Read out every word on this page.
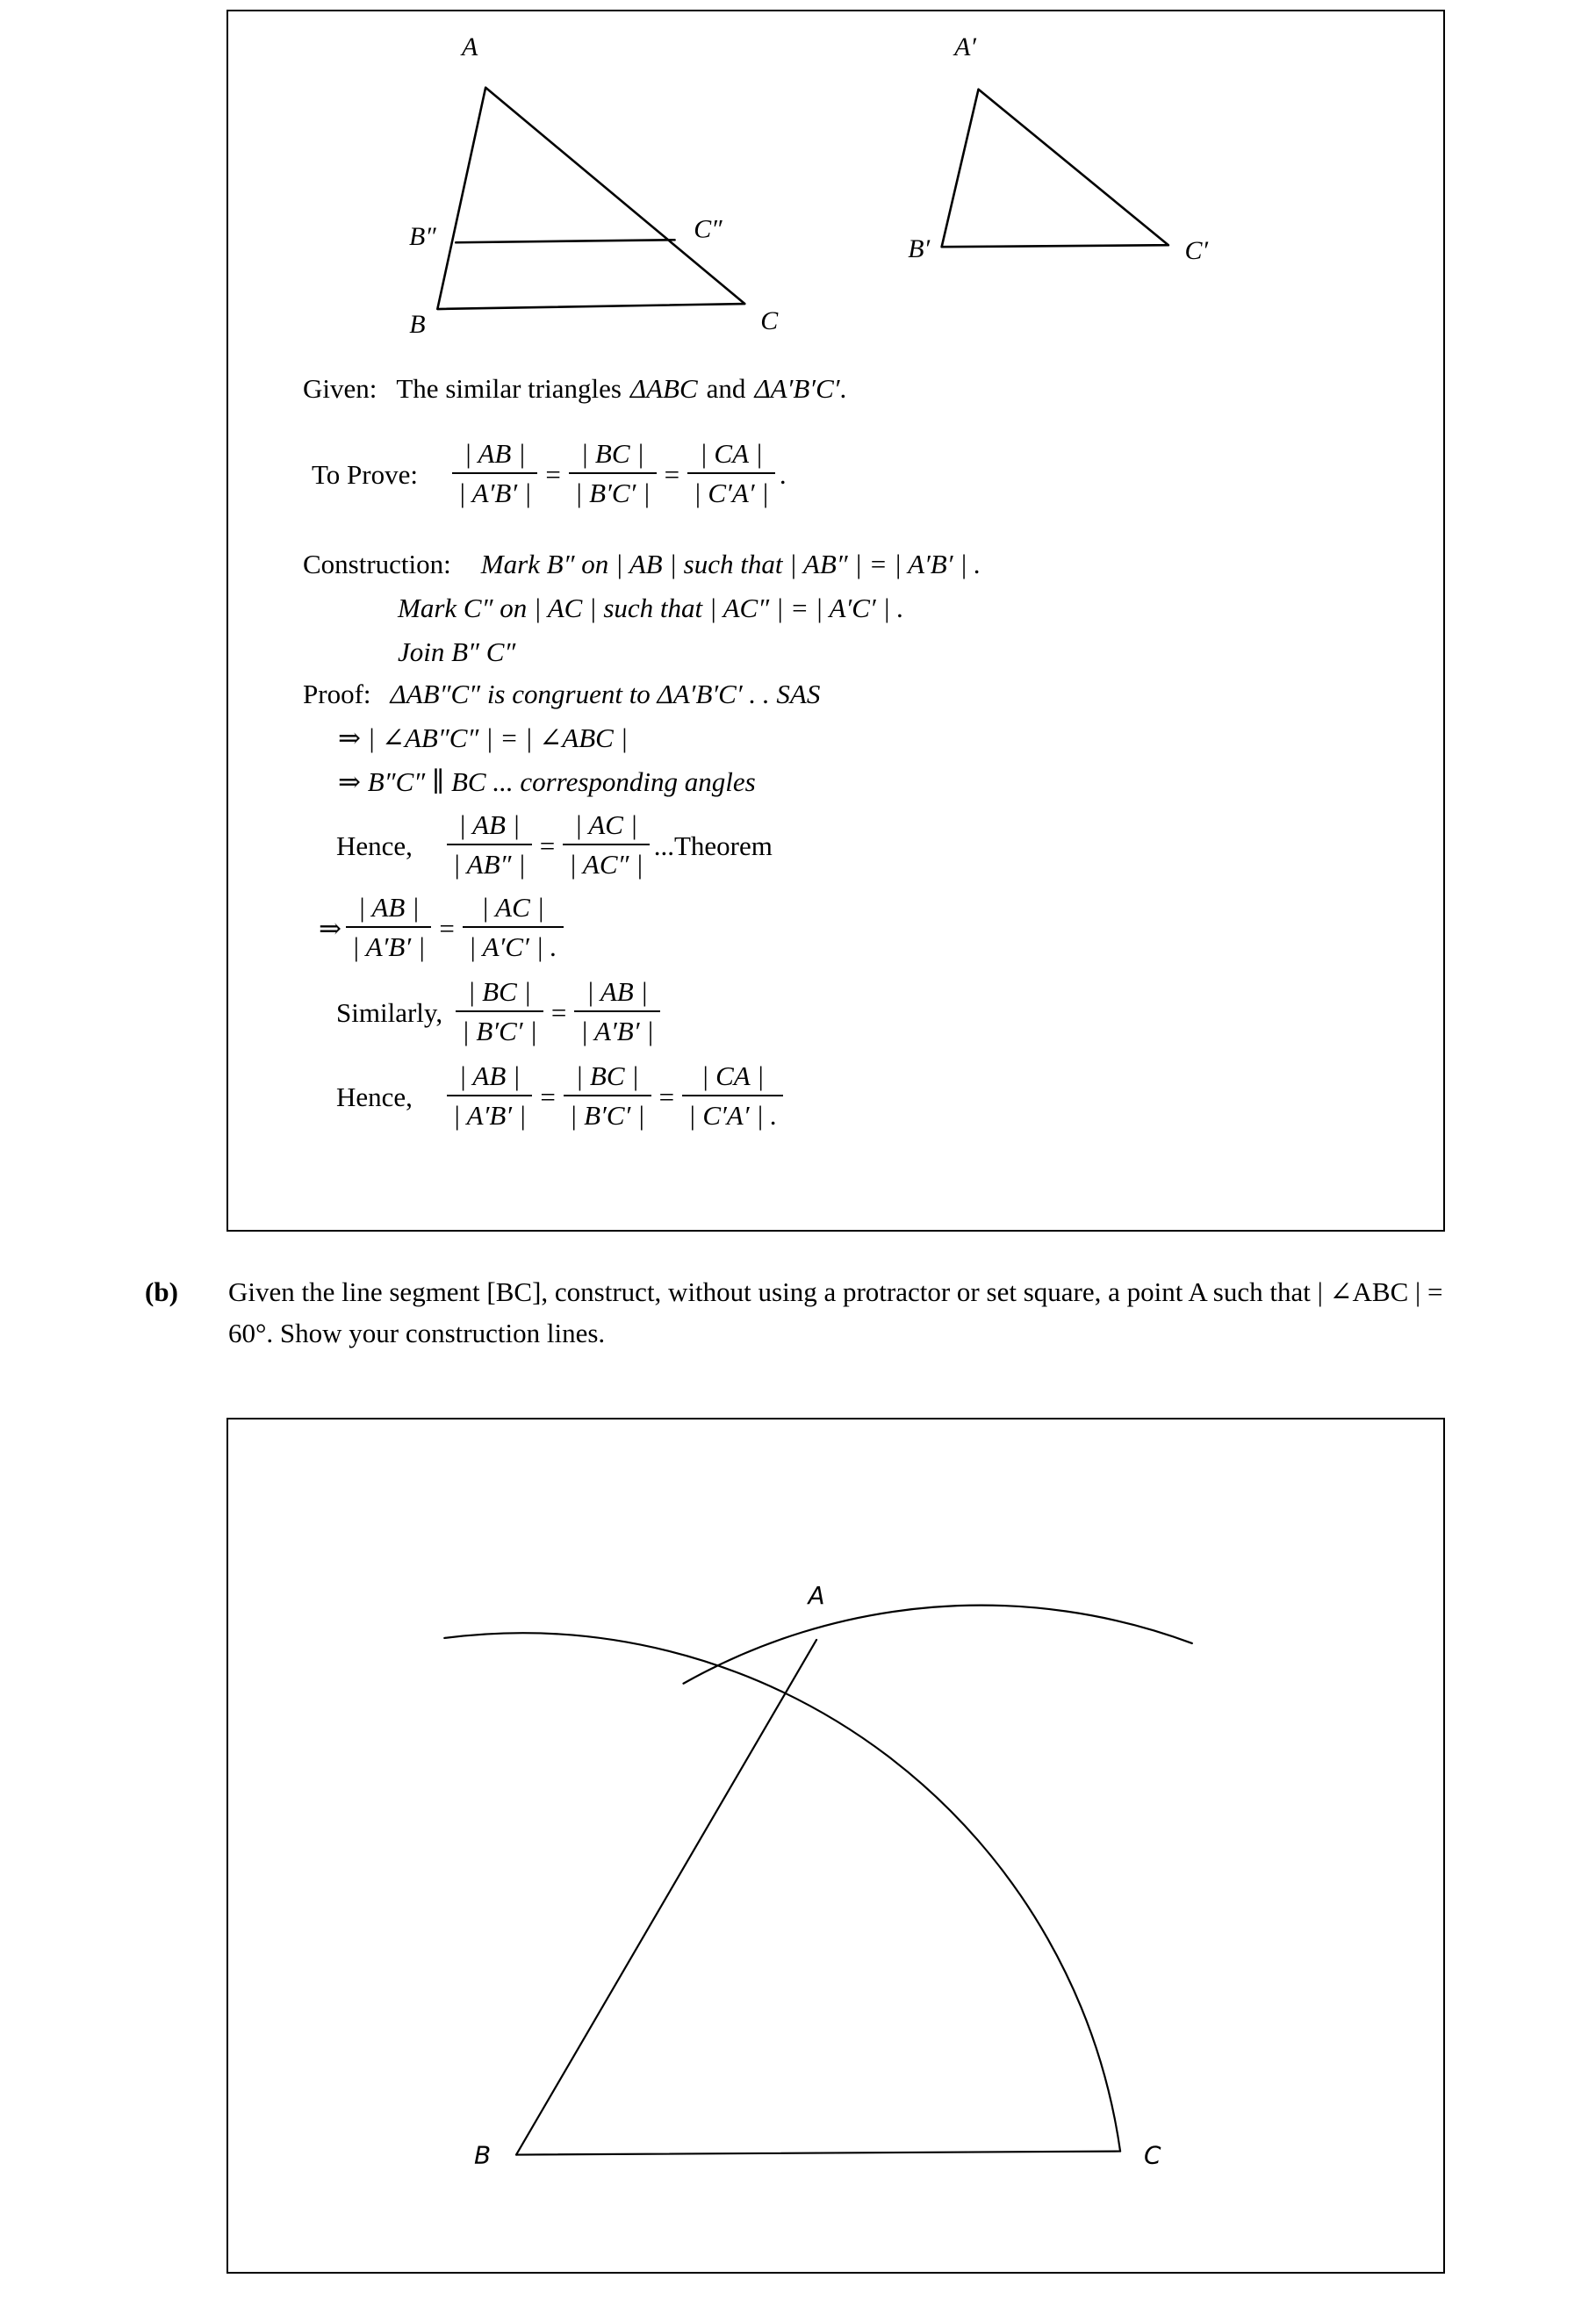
A
B	C
B″	C″
A′
B′	C′
Given: The similar triangles ΔABC and ΔA′B′C′ .
To Prove: $\frac{| AB |}{| A'B' |} = \frac{| BC |}{| B'C' |} = \frac{| CA |}{| C'A' |}$ .
Construction: Mark B″ on | AB | such that | AB″ | = | A′B′ | .
Mark C″ on | AC | such that | AC″ | = | A′C′ | .
Join B″ C″
Proof: ΔAB″C″ is congruent to ΔA′B′C′ . . SAS
⇒ | ∠AB″C″ | = | ∠ABC |
⇒ B″C″ ∥ BC ... corresponding angles
Hence, $\frac{| AB |}{| AB'' |} = \frac{| AC |}{| AC'' |}$ ...Theorem
⇒ $\frac{| AB |}{| A'B' |} = \frac{| AC |}{| A'C' | .}$
Similarly, $\frac{| BC |}{| B'C' |} = \frac{| AB |}{| A'B' |}$
Hence, $\frac{| AB |}{| A'B' |} = \frac{| BC |}{| B'C' |} = \frac{| CA |}{| C'A' | .}$
(b) Given the line segment [BC], construct, without using a protractor or set square, a point A such that | ∠ABC | = 60°. Show your construction lines.
A
B	C
